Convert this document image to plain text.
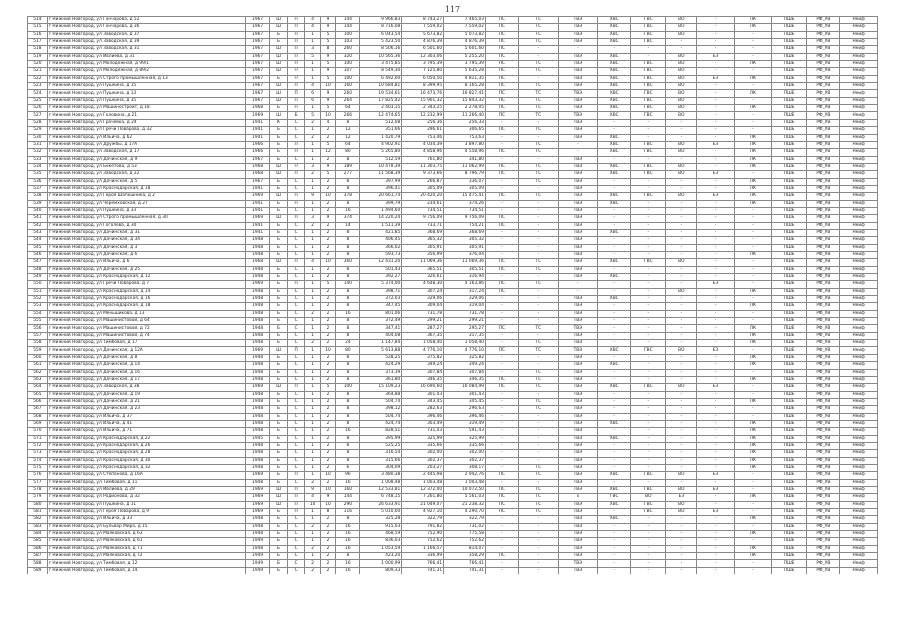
117
514	г Нижний Новгород, ул Гончарова, д 52	1967	Ш	П	4	9	144	9 966,83	8 743,27	7 465,03	ПС	ТС	ТВЭ	ХВС	ГВС	ВО	-	ЛК	ПШЕ	РФ_УВ	Неиф
515	г Нижний Новгород, ул Гончарова, д 36	1967	Ш	П	4	9	144	8 716,08	7 559,02	7 559,02	ПС	ТС	ТВЭ	ХВС	ГВС	ВО	-	ЛК	ПШЕ	РФ_УВ	Неиф
516	г Нижний Новгород, ул Заводская, д 37	1967	Б	П	1	5	100	6 043,54	5 673,82	5 073,82	ПС	ТС	ТВЭ	ХВС	ГВС	ВО	-	-	ПШЕ	РФ_УВ	Неиф
517	г Нижний Новгород, ул Заводская, д 39	1967	Б	П	1	5	103	5 423,50	4 876,39	4 876,39	ПС	ТС	ТВЭ	ХВС	ГВС	-	-	-	ПШЕ	РФ_УВ	Неиф
518	г Нижний Новгород, ул Заводская, д 31	1967	Ш	П	3	8	260	8 506,16	6 501,60	5 601,60	ПС	-	-	-	-	-	-	-	ПШЕ	РФ_УВ	Неиф
519	г Нижний Новгород, ул Ивлиева, д 31	1967	Ш	П	5	9	320	10 565,36	12 303,06	5 255,20	ПС	-	ТВЭ	ХВС	-	ВО	ЕЗ	-	ПШЕ	РФ_УВ	Неиф
520	г Нижний Новгород, ул Молодежная, д 99/1	1967	Ш	П	1	5	100	3 475,85	3 795,39	3 795,39	ПС	ТС	ТВЭ	ХВС	ГВС	ВО	-	ЛК	ПШЕ	РФ_УВ	Неиф
521	г Нижний Новгород, ул Молодежная, д 89/2	1967	Ш	П	1	9	107	8 549,30	7 125,80	5 635,28	ПС	ТС	ТВЭ	ХВС	ГВС	ВО	-	-	ПШЕ	РФ_УВ	Неиф
522	г Нижний Новгород, ул Строго промышленная, д 13	1967	Б	П	1	5	100	6 492,00	6 050,50	4 811,35	ПС	-	ТВЭ	ХВС	ГВС	ВО	ЕЗ	ЛК	ПШЕ	РФ_УВ	Неиф
523	г Нижний Новгород, ул Пушкина, д 15	1967	Ш	П	4	10	160	10 684,81	8 399,95	8 165,28	ПС	ТС	ТВЭ	ХВС	ГВС	ВО	-	-	ПШЕ	РФ_УВ	Неиф
524	г Нижний Новгород, ул Пушкина, д 13	1967	Ш	П	6	9	260	19 534,61	16 473,76	16 827,41	ПС	ТС	ТВЭ	ХВС	ГВС	ВО	-	ЛК	ПШЕ	РФ_УВ	Неиф
525	г Нижний Новгород, ул Пушкина, д 35	1967	Ш	П	6	9	264	17 825,42	15 901,32	15 843,32	ПС	ТС	ТВЭ	ХВС	ГВС	ВО	-	-	ПШЕ	РФ_УВ	Неиф
526	г Нижний Новгород, ул Машиностроит, д 18	1968	Б	П	1	5	64	2 403,15	2 343,25	2 278,05	ПС	ТС	ТВЭ	ХВС	ГВС	ВО	-	ЛК	ПШЕ	РФ_УВ	Неиф
527	г Нижний Новгород, ул Головина, д 21	1969	Ш	Б	5	10	266	12 474,65	12 232,99	11 266,40	ПС	ТС	ТВЭ	ХВС	ГВС	ВО	-	-	ПШЕ	РФ_УВ	Неиф
528	г Нижний Новгород, ул Грачевка, д 24	1941	К	С	2	4	8	512,08	256,36	256,33	-	-	ТВЭ	-	-	-	-	-	ПШЕ	РФ_УВ	Неиф
529	г Нижний Новгород, ул Гречи Поварова, д 32	1941	Б	С	1	2	12	351,66	296,61	306,65	ПС	ТС	ТВЭ	-	-	-	-	-	ПШЕ	РФ_УВ	Неиф
530	г Нижний Новгород, ул Ильича, д 62	1941	Б	С	2	2	12	1 420,79	753,46	753,63	-	-	ТВЭ	ХВС	-	-	-	ЛК	ПШЕ	РФ_УВ	Неиф
531	г Нижний Новгород, ул Дружбы, д 17А	1966	Б	П	1	5	64	4 902,91	4 034,39	3 897,80	-	ТС	-	ХВС	ГВС	ВО	ЕЗ	ЛК	ПШЕ	РФ_УВ	Неиф
532	г Нижний Новгород, ул Заводская, д 17	1966	Б	П	1	12	80	5 265,80	4 858,96	4 558,96	ПС	ТС	-	ХВС	ГВС	ВО	-	ЛК	ПШЕ	РФ_УВ	Неиф
533	г Нижний Новгород, ул Дачинская, д 9	1967	Б	С	1	2	8	512,59	761,80	341,80	-	-	ТВЭ	-	-	-	-	ЛК	ПШЕ	РФ_УВ	Неиф
534	г Нижний Новгород, ул Бекетова, д 53	1968	Ш	П	3	9	189	10 478,39	11 303,75	11 062,99	ПС	ТС	ТВЭ	ХВС	ГВС	ВО	-	ЛК	ПШЕ	РФ_УВ	Неиф
535	г Нижний Новгород, ул Заводская, д 22	1968	Ш	П	2	5	277	11 568,39	9 373,66	8 796,79	ПС	ТС	ТВЭ	ХВС	ГВС	ВО	ЕЗ	-	ПШЕ	РФ_УВ	Неиф
536	г Нижний Новгород, ул Дачинская, д 5	1967	Б	С	1	2	8	397,99	266,87	336,07	-	ТС	ТВЭ	-	-	-	-	ЛК	ПШЕ	РФ_УВ	Неиф
537	г Нижний Новгород, ул Краснодарская, д 18	1941	Б	С	1	2	8	396,41	305,09	305,09	-	-	ТВЭ	-	-	-	-	ЛК	ПШЕ	РФ_УВ	Неиф
538	г Нижний Новгород, ул Героя Шапошника, д 2	1969	Ш	П	9	10	378	20 661,74	20 420,20	15 475,41	ПС	ТС	ТВЭ	ХВС	ГВС	ВО	ЕЗ	ЛК	ПШЕ	РФ_УВ	Неиф
539	г Нижний Новгород, ул Черемховская, д 27	1941	Б	П	1	2	8	399,79	234,61	374,26	-	-	ТВЭ	ХВС	-	-	-	ЛК	ПШЕ	РФ_УВ	Неиф
540	г Нижний Новгород, ул Пушкина, д 33	1941	Б	С	1	2	16	1 494,60	734,51	734,51	-	-	ТВЭ	-	-	-	-	-	ПШЕ	РФ_УВ	Неиф
541	г Нижний Новгород, ул Строго промышленная, д 30	1969	Ш	П	3	9	374	14 220,24	9 756,09	9 756,09	ПС	-	ТВЭ	-	-	-	-	-	ПШЕ	РФ_УВ	Неиф
542	г Нижний Новгород, ул Гоголева, д 30	1941	Б	С	2	2	14	1 511,39	733,71	754,21	ПС	-	ТВЭ	-	-	-	-	-	ПШЕ	РФ_УВ	Неиф
543	г Нижний Новгород, ул Дачинская, д 31	1941	Б	С	1	2	8	421,85	368,69	368,69	-	-	ТВЭ	ХВС	-	-	-	-	ПШЕ	РФ_УВ	Неиф
544	г Нижний Новгород, ул Дачинская, д 34	1948	Б	С	1	2	8	406,45	365,32	305,32	-	-	ТВЭ	-	-	-	-	-	ПШЕ	РФ_УВ	Неиф
545	г Нижний Новгород, ул Дачинская, д 3	1948	Б	С	1	2	8	366,02	305,91	305,91	-	-	ТВЭ	-	-	-	-	-	ПШЕ	РФ_УВ	Неиф
546	г Нижний Новгород, ул Дачинская, д 6	1948	Б	С	1	2	8	593,73	356,99	376,04	-	-	ТВЭ	-	-	-	-	ЛК	ПШЕ	РФ_УВ	Неиф
547	г Нижний Новгород, ул Ильича, д 6	1968	Ш	П	4	10	360	12 431,20	11 069,36	11 069,36	ПС	ТС	ТВЭ	ХВС	ГВС	ВО	-	-	ПШЕ	РФ_УВ	Неиф
548	г Нижний Новгород, ул Дачинская, д 25	1948	Б	С	1	2	8	501,43	365,51	305,51	ПС	ТС	ТВЭ	-	-	-	-	-	ПШЕ	РФ_УВ	Неиф
549	г Нижний Новгород, ул Краснодарская, д 12	1948	Б	С	1	2	8	392,27	326,61	316,94	-	-	ТВЭ	ХВС	-	-	-	-	ПШЕ	РФ_УВ	Неиф
550	г Нижний Новгород, ул Гречи Поварова, д 7	1969	Б	П	1	5	140	5 374,00	4 648,30	4 163,86	ПС	ТС	-	-	-	-	ЕЗ	-	ПШЕ	РФ_УВ	Неиф
551	г Нижний Новгород, ул Краснодарская, д 14	1948	Б	С	1	2	8	398,71	307,24	317,24	ПС	-	-	-	-	ВО	-	ЛК	ПШЕ	РФ_УВ	Неиф
552	г Нижний Новгород, ул Краснодарская, д 16	1948	Б	С	1	2	8	372,03	329,06	329,06	-	-	ТВЭ	ХВС	-	-	-	-	ПШЕ	РФ_УВ	Неиф
553	г Нижний Новгород, ул Краснодарская, д 18	1948	Б	С	1	2	8	347,45	309,04	319,04	-	-	ТВЭ	-	-	-	-	ЛК	ПШЕ	РФ_УВ	Неиф
554	г Нижний Новгород, ул Меньшикова, д 13	1948	Б	С	2	2	16	801,06	731,78	731,78	-	-	ТВЭ	-	-	-	-	-	ПШЕ	РФ_УВ	Неиф
555	г Нижний Новгород, ул Машинистовой, д 64	1948	Б	С	1	2	8	372,49	299,21	299,21	-	-	ТВЭ	-	-	-	-	-	ПШЕ	РФ_УВ	Неиф
556	г Нижний Новгород, ул Машинистовой, д 72	1948	Б	С	1	2	8	347,41	287,27	295,27	ПС	ТС	ТВЭ	-	-	-	-	ЛК	ПШЕ	РФ_УВ	Неиф
557	г Нижний Новгород, ул Машинистовой, д 74	1948	Б	С	1	2	8	404,08	367,35	317,35	-	-	ТВЭ	-	-	-	-	ЛК	ПШЕ	РФ_УВ	Неиф
558	г Нижний Новгород, ул Тимбовая, д 17	1948	Б	С	2	2	24	1 147,84	1 058,40	1 058,40	-	ТС	ТВЭ	-	-	-	-	ЛК	ПШЕ	РФ_УВ	Неиф
559	г Нижний Новгород, ул Дачинская, д 12А	1969	Ш	П	1	10	80	5 613,88	4 776,10	4 776,10	ПС	ТС	ТВЭ	ХВС	ГВС	ВО	ЕЗ	-	ПШЕ	РФ_УВ	Неиф
560	г Нижний Новгород, ул Дачинская, д 8	1948	Б	С	1	2	8	528,25	375,82	325,82	-	-	ТВЭ	-	-	-	-	ЛК	ПШЕ	РФ_УВ	Неиф
561	г Нижний Новгород, ул Дачинская, д 14	1948	Б	С	1	2	8	424,29	349,24	349,24	-	-	ТВЭ	ХВС	-	-	-	ЛК	ПШЕ	РФ_УВ	Неиф
562	г Нижний Новгород, ул Дачинская, д 16	1948	Б	С	1	2	8	373,39	307,84	307,84	-	ТС	ТВЭ	-	-	-	-	-	ПШЕ	РФ_УВ	Неиф
563	г Нижний Новгород, ул Дачинская, д 17	1948	Б	С	1	2	8	361,80	346,35	346,35	ПС	ТС	ТВЭ	-	-	-	-	ЛК	ПШЕ	РФ_УВ	Неиф
564	г Нижний Новгород, ул Заводская, д 38	1969	Ш	П	1	5	100	15 109,23	16 690,60	16 084,99	ПС	ТС	ТВЭ	ХВС	ГВС	ВО	ЕЗ	-	ПШЕ	РФ_УВ	Неиф
565	г Нижний Новгород, ул Дачинская, д 19	1948	Б	С	1	2	8	364,88	301,43	301,43	-	-	ТВЭ	-	-	-	-	-	ПШЕ	РФ_УВ	Неиф
566	г Нижний Новгород, ул Дачинская, д 21	1948	Б	С	1	2	8	504,74	343,45	345,45	-	ТС	ТВЭ	-	-	-	-	ЛК	ПШЕ	РФ_УВ	Неиф
567	г Нижний Новгород, ул Дачинская, д 23	1948	Б	С	1	2	8	398,12	282,63	296,63	-	ТС	ТВЭ	-	-	-	-	-	ПШЕ	РФ_УВ	Неиф
568	г Нижний Новгород, ул Ильича, д 37	1948	Б	С	1	2	8	504,74	396,46	396,46	-	-	ТВЭ	-	-	-	-	-	ПШЕ	РФ_УВ	Неиф
569	г Нижний Новгород, ул Ильича, д 41	1948	Б	С	1	2	8	424,74	303,49	319,49	-	-	ТВЭ	ХВС	-	-	-	ЛК	ПШЕ	РФ_УВ	Неиф
570	г Нижний Новгород, ул Ильича, д 71	1948	Б	С	1	2	16	828,51	731,03	591,43	-	-	ТВЭ	-	-	-	-	ЛК	ПШЕ	РФ_УВ	Неиф
571	г Нижний Новгород, ул Краснодарская, д 22	1945	Б	С	1	2	8	395,99	325,99	325,99	-	-	ТВЭ	ХВС	-	-	-	ЛК	ПШЕ	РФ_УВ	Неиф
572	г Нижний Новгород, ул Краснодарская, д 26	1948	Б	С	1	2	8	525,25	335,66	335,66	-	-	ТВЭ	-	-	-	-	ЛК	ПШЕ	РФ_УВ	Неиф
573	г Нижний Новгород, ул Краснодарская, д 28	1948	Б	С	1	2	8	316,54	302,00	302,00	-	-	ТВЭ	-	-	-	-	ЛК	ПШЕ	РФ_УВ	Неиф
574	г Нижний Новгород, ул Краснодарская, д 30	1948	Б	С	1	2	8	315,66	302,37	302,37	-	-	ТВЭ	-	-	-	-	ЛК	ПШЕ	РФ_УВ	Неиф
575	г Нижний Новгород, ул Краснодарская, д 32	1948	Б	С	1	2	6	304,09	203,27	308,17	-	ТС	ТВЭ	-	-	-	-	ЛК	ПШЕ	РФ_УВ	Неиф
576	г Нижний Новгород, ул Степанова, д 16А	1969	Б	П	1	10	96	3 480,38	2 445,98	2 942,76	ПС	ТС	ТВЭ	ХВС	ГВС	ВО	ЕЗ	-	ПШЕ	РФ_УВ	Неиф
577	г Нижний Новгород, ул Тимбовая, д 11	1948	Б	С	2	2	16	1 008,48	1 003,48	1 003,48	-	-	ТВЭ	-	-	-	-	-	ПШЕ	РФ_УВ	Неиф
578	г Нижний Новгород, ул Ивлиева, д 29	1969	Ш	П	9	10	160	12 533,81	12 372,00	10 072,50	ПС	ТС	ТВЭ	ХВС	ГВС	ВО	ЕЗ	-	ПШЕ	РФ_УВ	Неиф
579	г Нижний Новгород, ул Родионова, д 32	1969	Ш	П	4	9	144	6 748,15	7 261,80	5 561,03	ПС	ТС	х	ГВС	ВО	ЕЗ	-	ЛК	ПШЕ	РФ_УВ	Неиф
580	г Нижний Новгород, ул Пушкина, д 11	1969	Ш	П	10	10	290	26 633,91	21 049,07	21 238,32	ПС	ТС	ТВЭ	ХВС	ГВС	ВО	-	-	ПШЕ	РФ_УВ	Неиф
581	г Нижний Новгород, ул Героя Поварова, д 9	1969	Б	П	1	8	116	5 010,00	4 927,10	4 290,70	ПС	ТС	ТВЭ	-	ГВС	ВО	ЕЗ	-	ПШЕ	РФ_УВ	Неиф
582	г Нижний Новгород, ул Ильича, д 33	1948	Б	С	1	2	8	325,28	322,79	322,79	-	-	ТВЭ	ХВС	-	-	-	ЛК	ПШЕ	РФ_УВ	Неиф
583	г Нижний Новгород, ул Бульвар Мира, д 15	1948	Б	С	2	2	16	915,03	791,82	731,02	-	-	ТВЭ	-	-	-	-	-	ПШЕ	РФ_УВ	Неиф
584	г Нижний Новгород, ул Маяковская, д 63	1948	Б	С	1	2	16	468,59	752,90	775,58	-	-	ТВЭ	-	-	-	-	ЛК	ПШЕ	РФ_УВ	Неиф
585	г Нижний Новгород, ул Маяковская, д 61	1949	Б	С	1	2	16	836,03	752,62	752,62	-	-	ТВЭ	-	-	-	-	-	ПШЕ	РФ_УВ	Неиф
586	г Нижний Новгород, ул Маяковская, д 71	1948	Б	С	2	2	16	1 053,59	1 166,57	814,07	-	-	ТВЭ	-	-	-	-	ЛК	ПШЕ	РФ_УВ	Неиф
587	г Нижний Новгород, ул Маяковская, д 72	1949	Б	С	1	2	8	423,20	336,99	358,29	ПС	-	ТВЭ	-	-	-	-	ЛК	ПШЕ	РФ_УВ	Неиф
588	г Нижний Новгород, ул Тимбовая, д 12	1949	Б	С	2	2	16	1 000,99	766,41	766,41	-	-	ТВЭ	-	-	-	-	-	ПШЕ	РФ_УВ	Неиф
589	г Нижний Новгород, ул Тимбовая, д 14	1949	Б	С	2	2	16	809,33	741,31	741,31	-	-	ТВЭ	-	-	-	-	-	ПШЕ	РФ_УВ	Неиф
